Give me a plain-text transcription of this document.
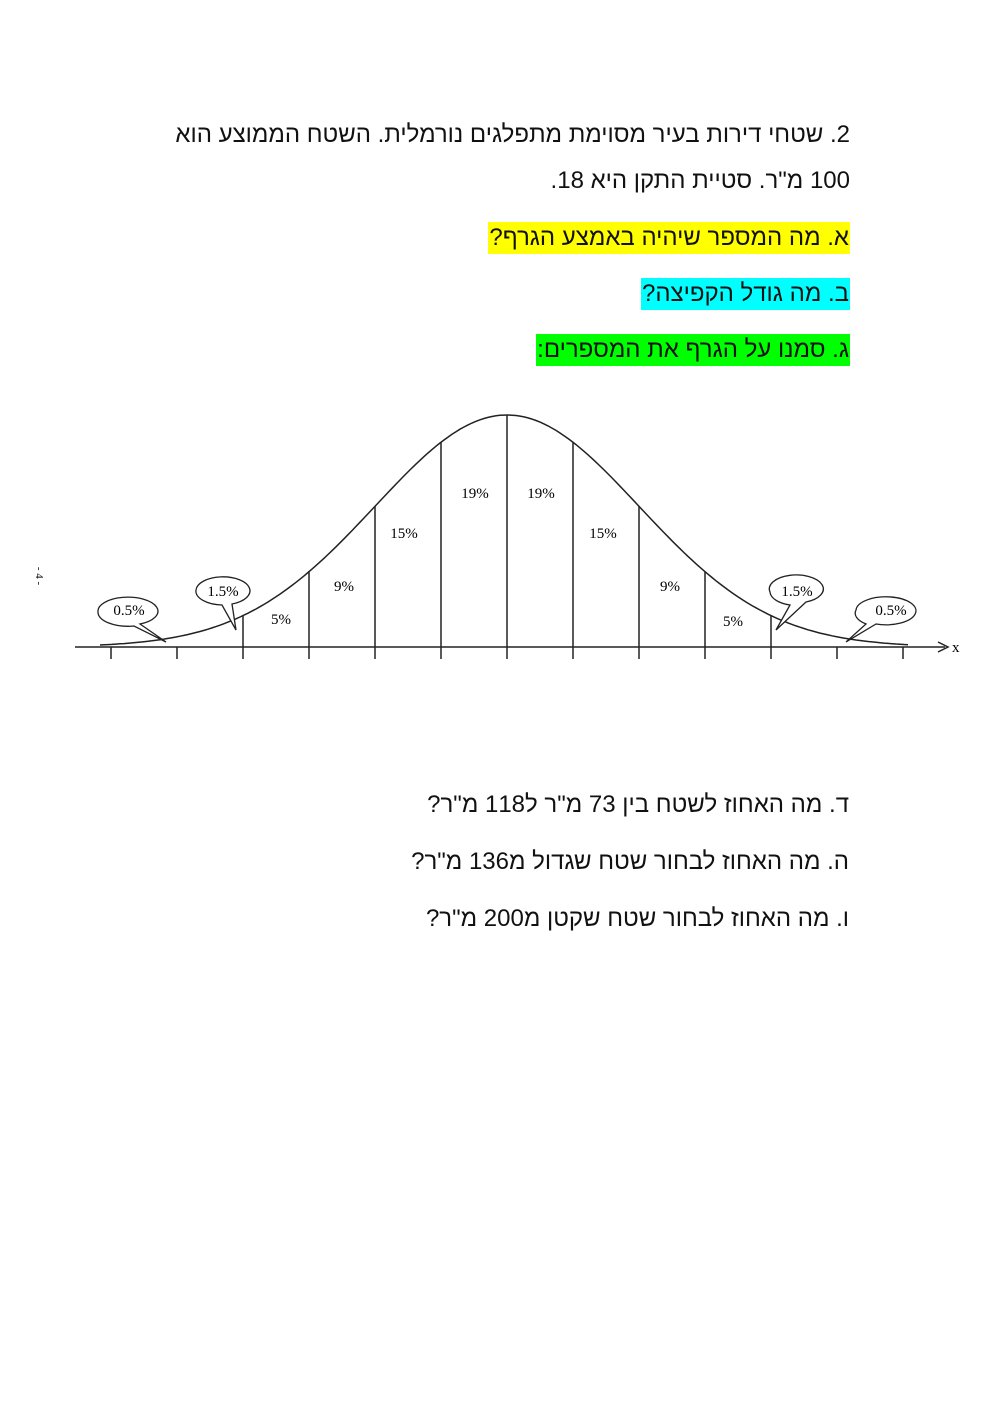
- 4 -
2. שטחי דירות בעיר מסוימת מתפלגים נורמלית. השטח הממוצע הוא
100 מ"ר. סטיית התקן היא 18.
א. מה המספר שיהיה באמצע הגרף?
ב. מה גודל הקפיצה?
ג. סמנו על הגרף את המספרים:
x
5%
9%
15%
19%	19%
15%
9%
5%
0.5%
1.5%	1.5%
0.5%
ד. מה האחוז לשטח בין 73 מ"ר ל118 מ"ר?
ה. מה האחוז לבחור שטח שגדול מ136 מ"ר?
ו. מה האחוז לבחור שטח שקטן מ200 מ"ר?
